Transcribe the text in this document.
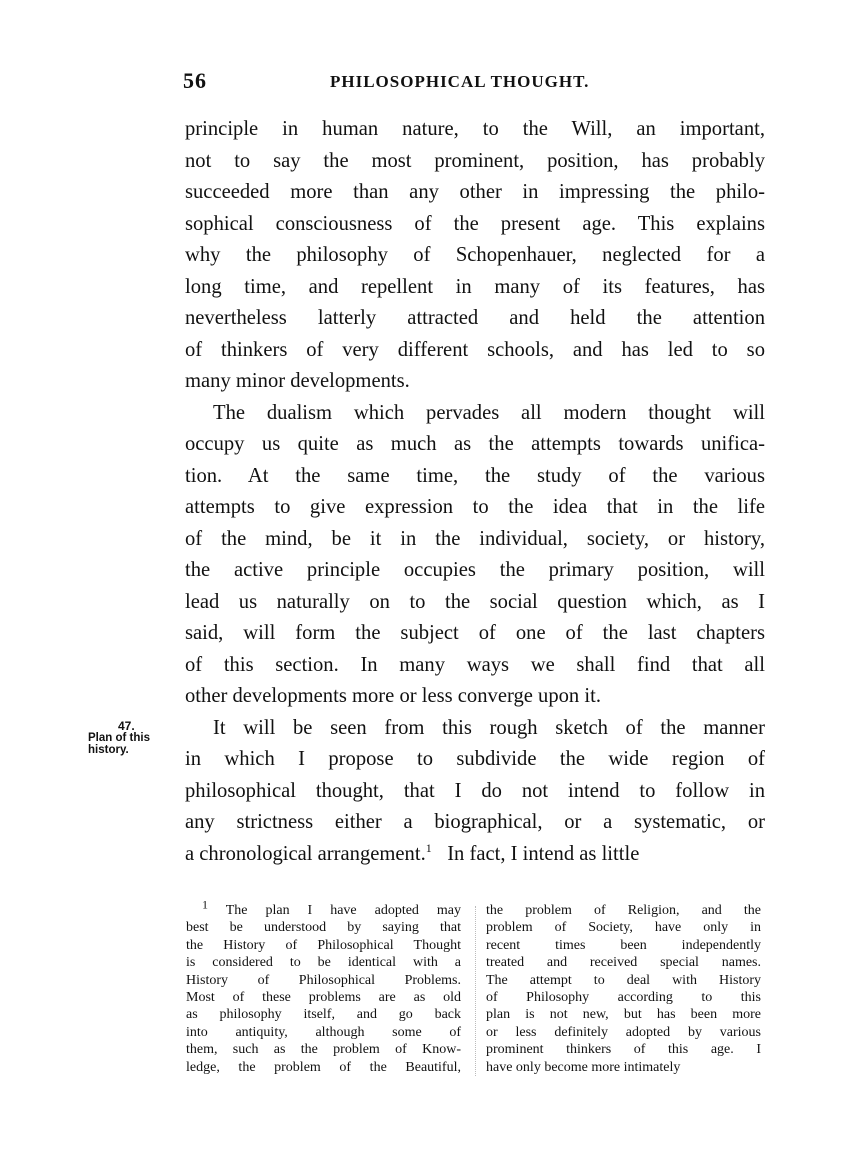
56	PHILOSOPHICAL THOUGHT.
principle in human nature, to the Will, an important,
not to say the most prominent, position, has probably
succeeded more than any other in impressing the philo-
sophical consciousness of the present age. This explains
why the philosophy of Schopenhauer, neglected for a
long time, and repellent in many of its features, has
nevertheless latterly attracted and held the attention
of thinkers of very different schools, and has led to so
many minor developments.
The dualism which pervades all modern thought will
occupy us quite as much as the attempts towards unifica-
tion. At the same time, the study of the various
attempts to give expression to the idea that in the life
of the mind, be it in the individual, society, or history,
the active principle occupies the primary position, will
lead us naturally on to the social question which, as I
said, will form the subject of one of the last chapters
of this section. In many ways we shall find that all
other developments more or less converge upon it.
It will be seen from this rough sketch of the manner
in which I propose to subdivide the wide region of
philosophical thought, that I do not intend to follow in
any strictness either a biographical, or a systematic, or
a chronological arrangement.$^1$ In fact, I intend as little
47.
Plan of this
history.
$^1$ The plan I have adopted may
best be understood by saying that
the History of Philosophical Thought
is considered to be identical with a
History of Philosophical Problems.
Most of these problems are as old
as philosophy itself, and go back
into antiquity, although some of
them, such as the problem of Know-
ledge, the problem of the Beautiful,
the problem of Religion, and the
problem of Society, have only in
recent times been independently
treated and received special names.
The attempt to deal with History
of Philosophy according to this
plan is not new, but has been more
or less definitely adopted by various
prominent thinkers of this age. I
have only become more intimately
